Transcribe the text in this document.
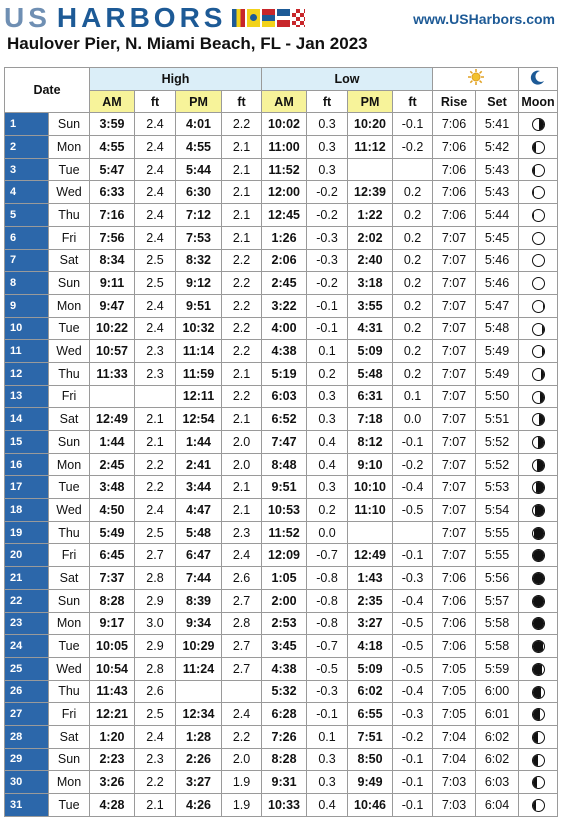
US HARBORS	www.USHarbors.com
Haulover Pier, N. Miami Beach, FL - Jan 2023
Date		High				Low		
		AM	ft	PM	ft	AM	ft	PM	ft	Rise	Set	Moon
1	Sun	3:59	2.4	4:01	2.2	10:02	0.3	10:20	-0.1	7:06	5:41	

2	Mon	4:55	2.4	4:55	2.1	11:00	0.3	11:12	-0.2	7:06	5:42	

3	Tue	5:47	2.4	5:44	2.1	11:52	0.3			7:06	5:43	

4	Wed	6:33	2.4	6:30	2.1	12:00	-0.2	12:39	0.2	7:06	5:43	

5	Thu	7:16	2.4	7:12	2.1	12:45	-0.2	1:22	0.2	7:06	5:44	

6	Fri	7:56	2.4	7:53	2.1	1:26	-0.3	2:02	0.2	7:07	5:45	

7	Sat	8:34	2.5	8:32	2.2	2:06	-0.3	2:40	0.2	7:07	5:46	

8	Sun	9:11	2.5	9:12	2.2	2:45	-0.2	3:18	0.2	7:07	5:46	

9	Mon	9:47	2.4	9:51	2.2	3:22	-0.1	3:55	0.2	7:07	5:47	

10	Tue	10:22	2.4	10:32	2.2	4:00	-0.1	4:31	0.2	7:07	5:48	

11	Wed	10:57	2.3	11:14	2.2	4:38	0.1	5:09	0.2	7:07	5:49	

12	Thu	11:33	2.3	11:59	2.1	5:19	0.2	5:48	0.2	7:07	5:49	

13	Fri			12:11	2.2	6:03	0.3	6:31	0.1	7:07	5:50	

14	Sat	12:49	2.1	12:54	2.1	6:52	0.3	7:18	0.0	7:07	5:51	

15	Sun	1:44	2.1	1:44	2.0	7:47	0.4	8:12	-0.1	7:07	5:52	

16	Mon	2:45	2.2	2:41	2.0	8:48	0.4	9:10	-0.2	7:07	5:52	

17	Tue	3:48	2.2	3:44	2.1	9:51	0.3	10:10	-0.4	7:07	5:53	

18	Wed	4:50	2.4	4:47	2.1	10:53	0.2	11:10	-0.5	7:07	5:54	

19	Thu	5:49	2.5	5:48	2.3	11:52	0.0			7:07	5:55	

20	Fri	6:45	2.7	6:47	2.4	12:09	-0.7	12:49	-0.1	7:07	5:55	

21	Sat	7:37	2.8	7:44	2.6	1:05	-0.8	1:43	-0.3	7:06	5:56	

22	Sun	8:28	2.9	8:39	2.7	2:00	-0.8	2:35	-0.4	7:06	5:57	

23	Mon	9:17	3.0	9:34	2.8	2:53	-0.8	3:27	-0.5	7:06	5:58	

24	Tue	10:05	2.9	10:29	2.7	3:45	-0.7	4:18	-0.5	7:06	5:58	

25	Wed	10:54	2.8	11:24	2.7	4:38	-0.5	5:09	-0.5	7:05	5:59	

26	Thu	11:43	2.6			5:32	-0.3	6:02	-0.4	7:05	6:00	

27	Fri	12:21	2.5	12:34	2.4	6:28	-0.1	6:55	-0.3	7:05	6:01	

28	Sat	1:20	2.4	1:28	2.2	7:26	0.1	7:51	-0.2	7:04	6:02	

29	Sun	2:23	2.3	2:26	2.0	8:28	0.3	8:50	-0.1	7:04	6:02	

30	Mon	3:26	2.2	3:27	1.9	9:31	0.3	9:49	-0.1	7:03	6:03	

31	Tue	4:28	2.1	4:26	1.9	10:33	0.4	10:46	-0.1	7:03	6:04	
